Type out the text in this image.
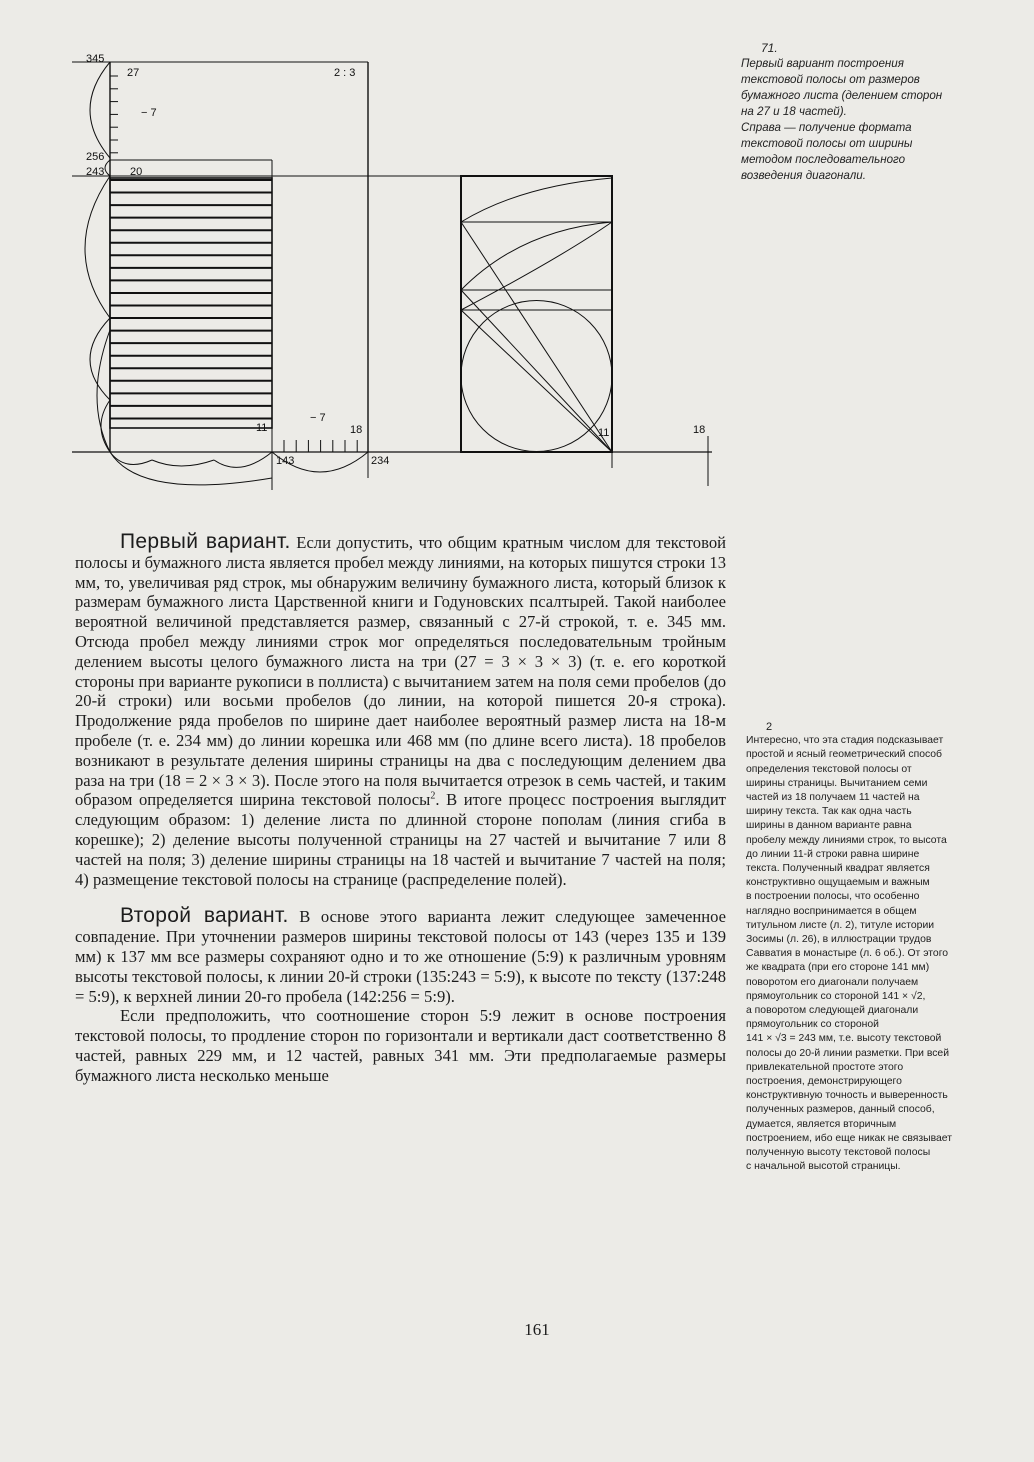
345
256
243
27	2 : 3
− 7
20
− 7
11	18	11	18
143	234
71.
Первый вариант построения
текстовой полосы от размеров
бумажного листа (делением сторон
на 27 и 18 частей).
Справа — получение формата
текстовой полосы от ширины
методом последовательного
возведения диагонали.

Первый вариант. Если допустить, что общим кратным числом для текстовой полосы и бумажного листа является пробел между линиями, на которых пишутся строки 13 мм, то, увеличивая ряд строк, мы обнаружим величину бумажного листа, который близок к размерам бумажного листа Царственной книги и Годуновских псалтырей. Такой наиболее вероятной величиной представляется размер, связанный с 27-й строкой, т. е. 345 мм. Отсюда пробел между линиями строк мог определяться последовательным тройным делением высоты целого бумажного листа на три (27 = 3 × 3 × 3) (т. е. его короткой стороны при варианте рукописи в поллиста) с вычитанием затем на поля семи пробелов (до 20-й строки) или восьми пробелов (до линии, на которой пишется 20-я строка). Продолжение ряда пробелов по ширине дает наиболее вероятный размер листа на 18-м пробеле (т. е. 234 мм) до линии корешка или 468 мм (по длине всего листа). 18 пробелов возникают в результате деления ширины страницы на два с последующим делением два раза на три (18 = 2 × 3 × 3). После этого на поля вычитается отрезок в семь частей, и таким образом определяется ширина текстовой полосы$^2$. В итоге процесс построения выглядит следующим образом: 1) деление листа по длинной стороне пополам (линия сгиба в корешке); 2) деление высоты полученной страницы на 27 частей и вычитание 7 или 8 частей на поля; 3) деление ширины страницы на 18 частей и вычитание 7 частей на поля; 4) размещение текстовой полосы на странице (распределение полей).

Второй вариант. В основе этого варианта лежит следующее замеченное совпадение. При уточнении размеров ширины текстовой полосы от 143 (через 135 и 139 мм) к 137 мм все размеры сохраняют одно и то же отношение (5:9) к различным уровням высоты текстовой полосы, к линии 20-й строки (135:243 = 5:9), к высоте по тексту (137:248 = 5:9), к верхней линии 20-го пробела (142:256 = 5:9).

Если предположить, что соотношение сторон 5:9 лежит в основе построения текстовой полосы, то продление сторон по горизонтали и вертикали даст соответственно 8 частей, равных 229 мм, и 12 частей, равных 341 мм. Эти предполагаемые размеры бумажного листа несколько меньше

2
Интересно, что эта стадия подсказывает
простой и ясный геометрический способ
определения текстовой полосы от
ширины страницы. Вычитанием семи
частей из 18 получаем 11 частей на
ширину текста. Так как одна часть
ширины в данном варианте равна
пробелу между линиями строк, то высота
до линии 11-й строки равна ширине
текста. Полученный квадрат является
конструктивно ощущаемым и важным
в построении полосы, что особенно
наглядно воспринимается в общем
титульном листе (л. 2), титуле истории
Зосимы (л. 26), в иллюстрации трудов
Савватия в монастыре (л. 6 об.). От этого
же квадрата (при его стороне 141 мм)
поворотом его диагонали получаем
прямоугольник со стороной 141 × √2,
а поворотом следующей диагонали
прямоугольник со стороной
141 × √3 = 243 мм, т.е. высоту текстовой
полосы до 20-й линии разметки. При всей
привлекательной простоте этого
построения, демонстрирующего
конструктивную точность и выверенность
полученных размеров, данный способ,
думается, является вторичным
построением, ибо еще никак не связывает
полученную высоту текстовой полосы
с начальной высотой страницы.
161
